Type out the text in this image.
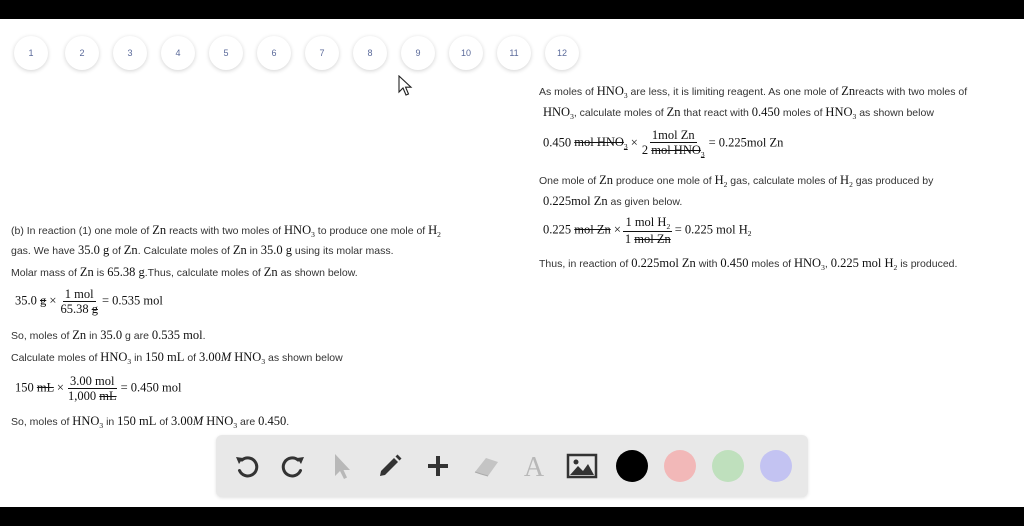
1	2	3	4	5	6	7	8	9	10	11	12
(b) In reaction (1) one mole of Zn reacts with two moles of $HNO_3$ to produce one mole of $H_2$
gas. We have 35.0 g of Zn. Calculate moles of Zn in 35.0 g using its molar mass.
Molar mass of Zn is 65.38 g.Thus, calculate moles of Zn as shown below.
35.0 $g \times \frac{\text{1 mol}}{65.38 g} = 0.535$ mol
So, moles of Zn in 35.0 g are 0.535 mol.
Calculate moles of $HNO_3$ in 150 mL of 3.00M $HNO_3$ as shown below
150 mL × $\frac{\text{3.00 mol}}{1,000 mL} = 0.450$ mol
So, moles of $HNO_3$ in 150 mL of 3.00M $HNO_3$ are 0.450.
As moles of $HNO_3$ are less, it is limiting reagent. As one mole of Znreacts with two moles of
$HNO_3$, calculate moles of Zn that react with 0.450 moles of $HNO_3$ as shown below
0.450 mol $HNO_3 \times \frac{\text{1mol Zn}}{2 mol HNO_3} = 0.225mol$ Zn
One mole of Zn produce one mole of $H_2$ gas, calculate moles of $H_2$ gas produced by
0.225mol Zn as given below.
0.225 mol $Zn \times \frac{1 mol H_2}{\text{1 mol Zn}} = 0.225$ mol $H_2$
Thus, in reaction of 0.225mol Zn with 0.450 moles of $HNO_3$, 0.225 mol $H_2$ is produced.
A
